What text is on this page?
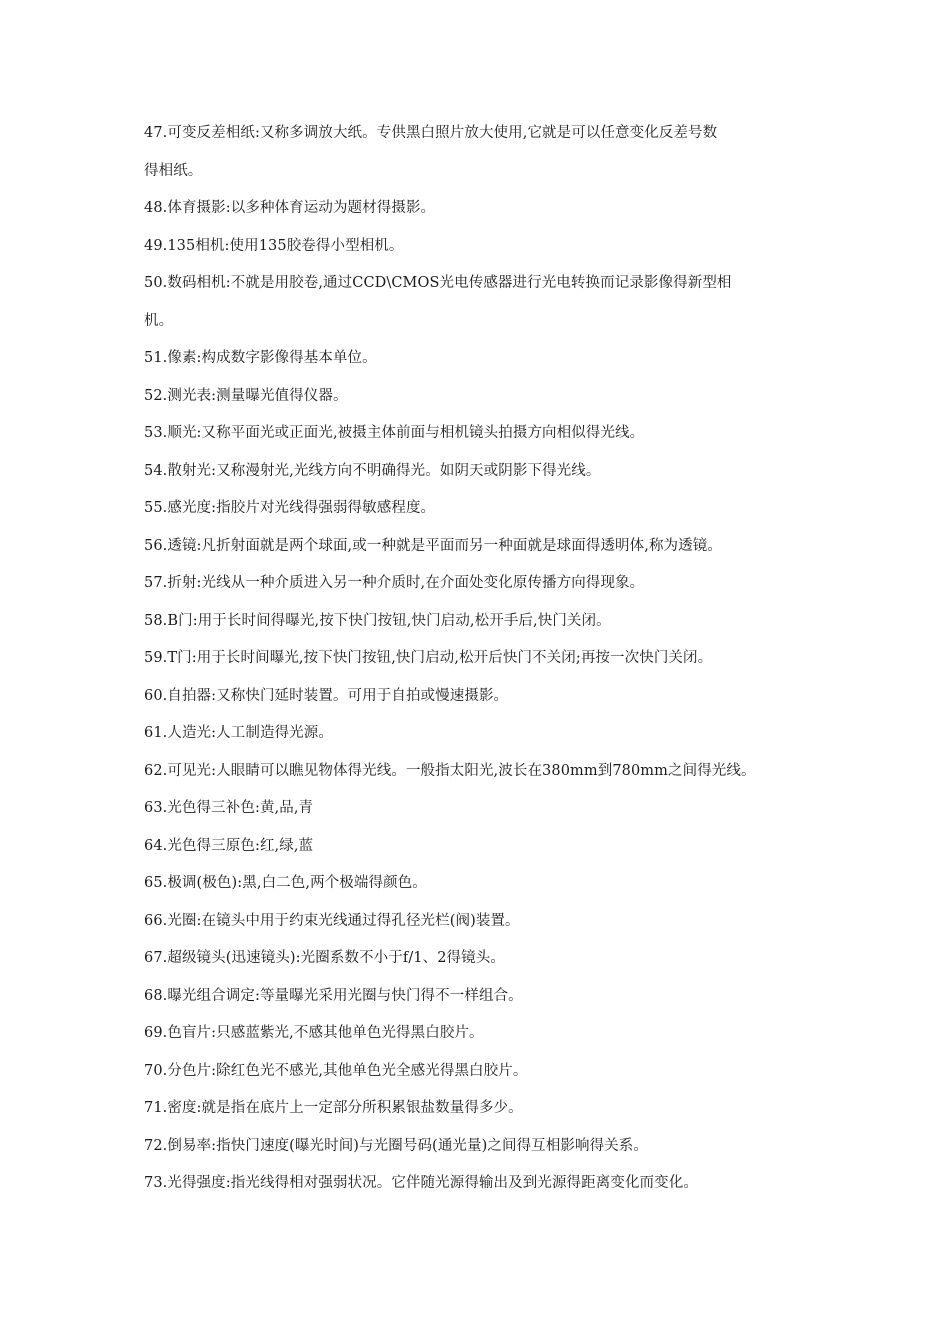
47.可变反差相纸:又称多调放大纸。专供黑白照片放大使用,它就是可以任意变化反差号数

得相纸。

48.体育摄影:以多种体育运动为题材得摄影。

49.135相机:使用135胶卷得小型相机。

50.数码相机:不就是用胶卷,通过CCD\CMOS光电传感器进行光电转换而记录影像得新型相

机。

51.像素:构成数字影像得基本单位。

52.测光表:测量曝光值得仪器。

53.顺光:又称平面光或正面光,被摄主体前面与相机镜头拍摄方向相似得光线。

54.散射光:又称漫射光,光线方向不明确得光。如阴天或阴影下得光线。

55.感光度:指胶片对光线得强弱得敏感程度。

56.透镜:凡折射面就是两个球面,或一种就是平面而另一种面就是球面得透明体,称为透镜。

57.折射:光线从一种介质进入另一种介质时,在介面处变化原传播方向得现象。

58.B门:用于长时间得曝光,按下快门按钮,快门启动,松开手后,快门关闭。

59.T门:用于长时间曝光,按下快门按钮,快门启动,松开后快门不关闭;再按一次快门关闭。

60.自拍器:又称快门延时装置。可用于自拍或慢速摄影。

61.人造光:人工制造得光源。

62.可见光:人眼睛可以瞧见物体得光线。一般指太阳光,波长在380mm到780mm之间得光线。

63.光色得三补色:黄,品,青

64.光色得三原色:红,绿,蓝

65.极调(极色):黑,白二色,两个极端得颜色。

66.光圈:在镜头中用于约束光线通过得孔径光栏(阀)装置。

67.超级镜头(迅速镜头):光圈系数不小于f/1、2得镜头。

68.曝光组合调定:等量曝光采用光圈与快门得不一样组合。

69.色盲片:只感蓝紫光,不感其他单色光得黑白胶片。

70.分色片:除红色光不感光,其他单色光全感光得黑白胶片。

71.密度:就是指在底片上一定部分所积累银盐数量得多少。

72.倒易率:指快门速度(曝光时间)与光圈号码(通光量)之间得互相影响得关系。

73.光得强度:指光线得相对强弱状况。它伴随光源得输出及到光源得距离变化而变化。
